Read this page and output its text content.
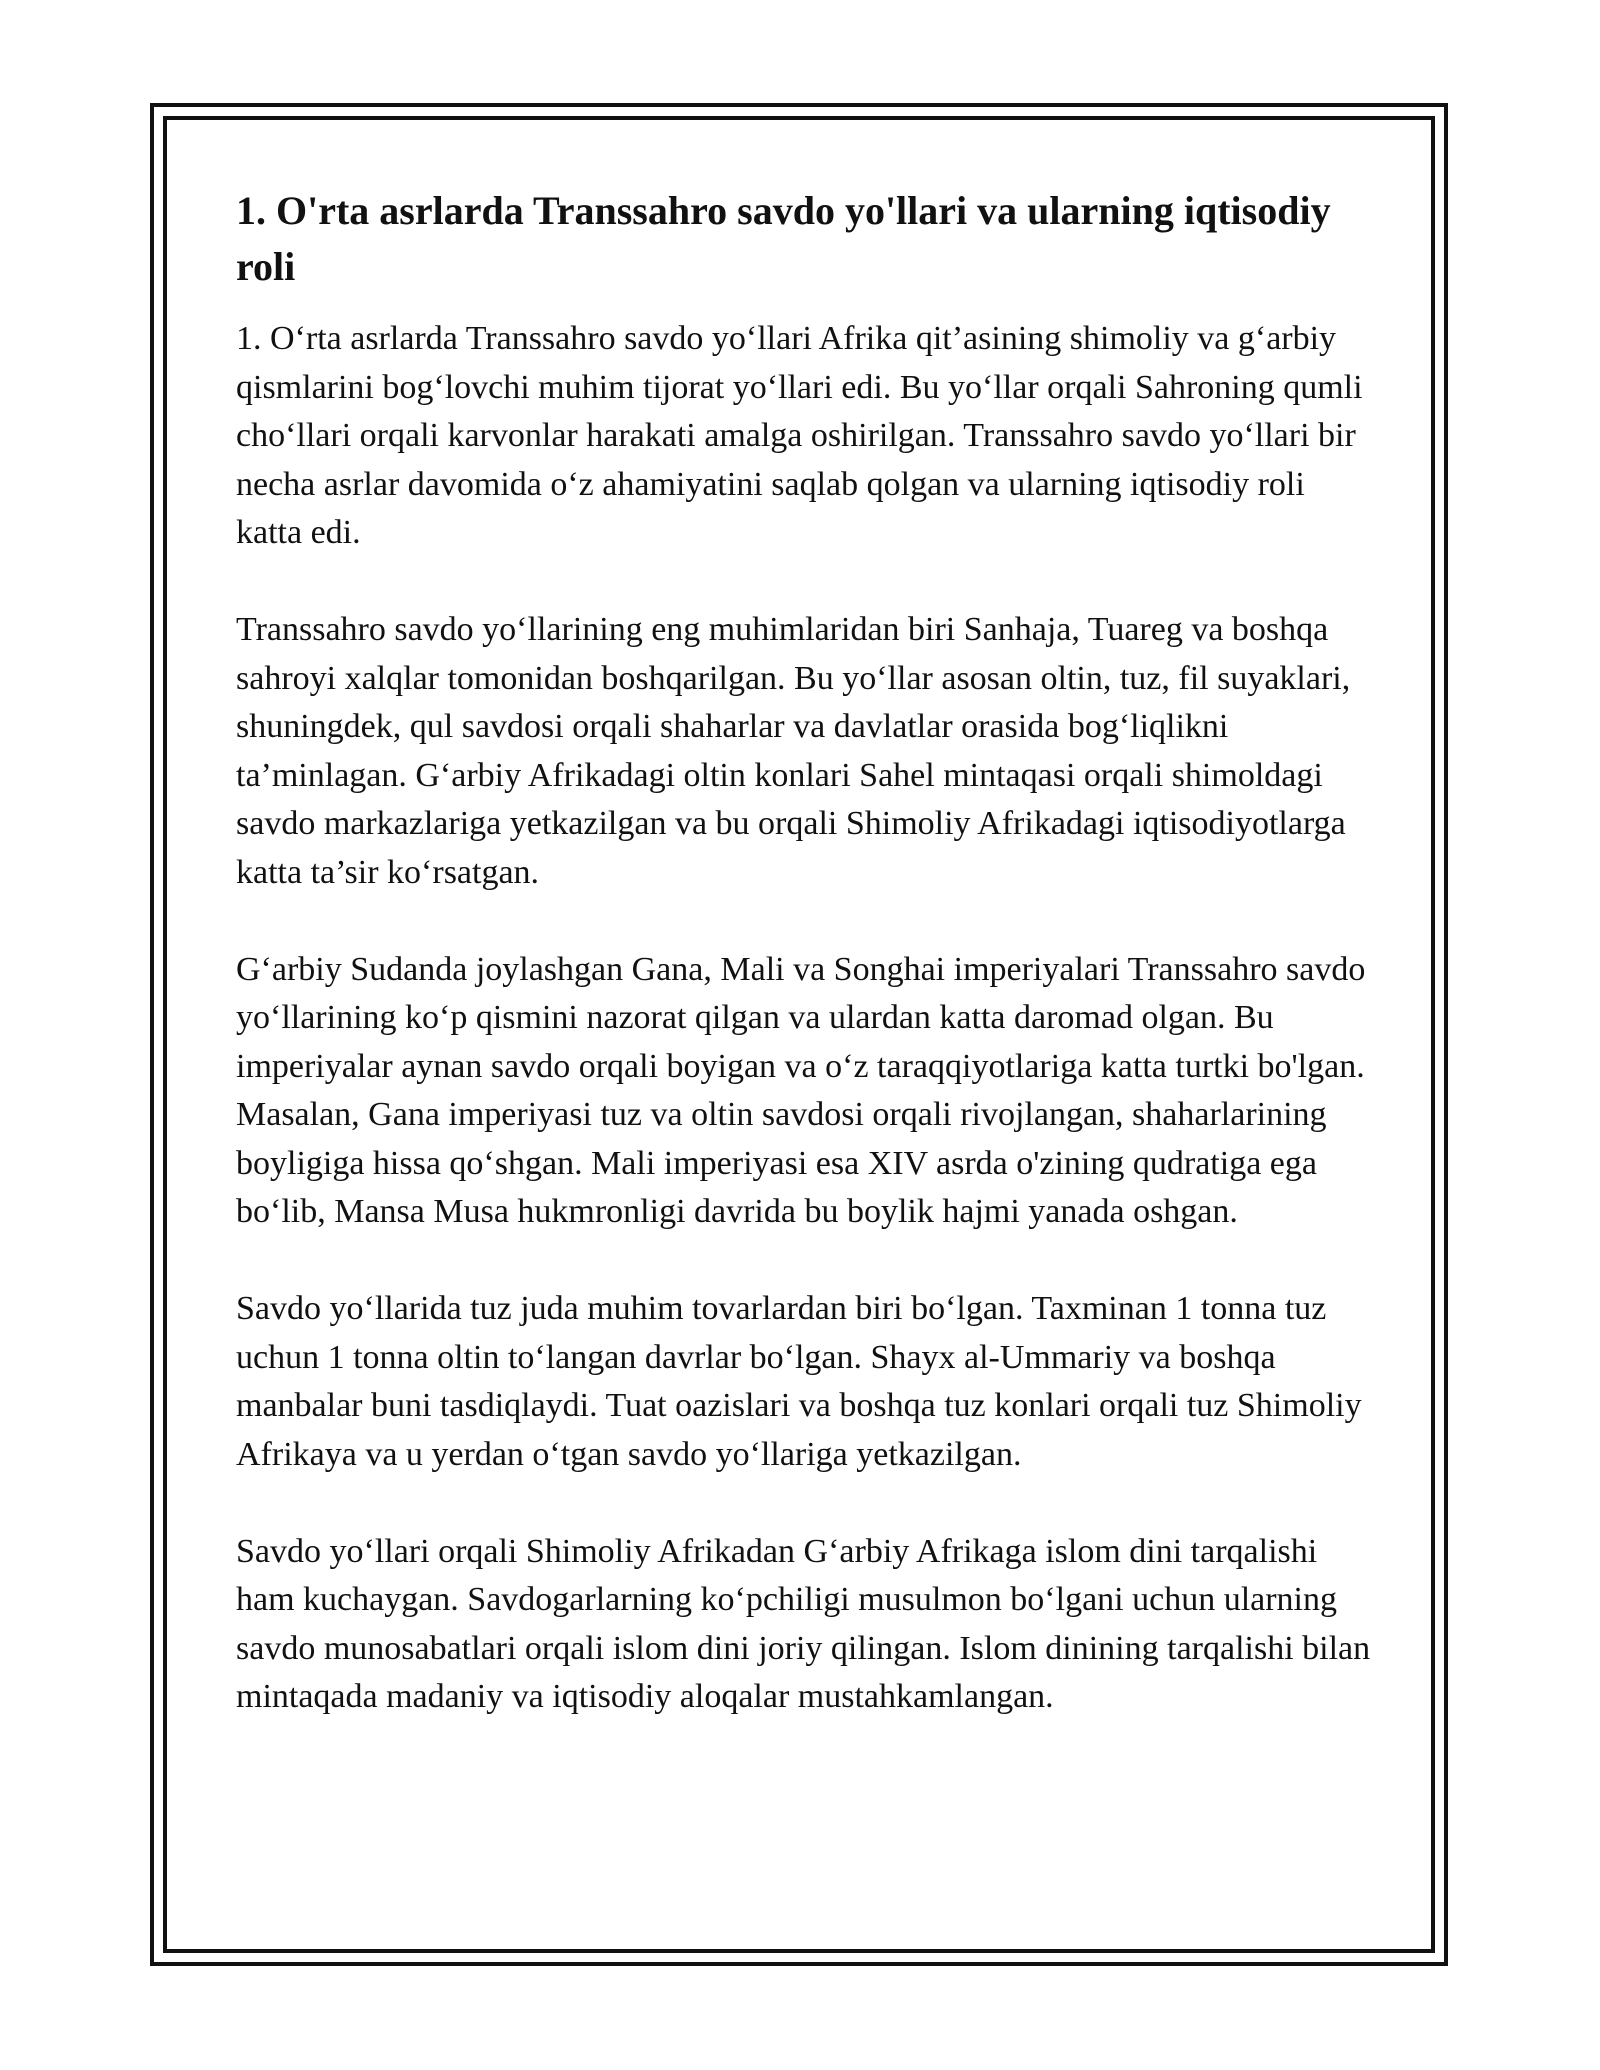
1. O'rta asrlarda Transsahro savdo yo'llari va ularning iqtisodiy roli

1. O‘rta asrlarda Transsahro savdo yo‘llari Afrika qit’asining shimoliy va g‘arbiy qismlarini bog‘lovchi muhim tijorat yo‘llari edi. Bu yo‘llar orqali Sahroning qumli cho‘llari orqali karvonlar harakati amalga oshirilgan. Transsahro savdo yo‘llari bir necha asrlar davomida o‘z ahamiyatini saqlab qolgan va ularning iqtisodiy roli katta edi.

Transsahro savdo yo‘llarining eng muhimlaridan biri Sanhaja, Tuareg va boshqa sahroyi xalqlar tomonidan boshqarilgan. Bu yo‘llar asosan oltin, tuz, fil suyaklari, shuningdek, qul savdosi orqali shaharlar va davlatlar orasida bog‘liqlikni ta’minlagan. G‘arbiy Afrikadagi oltin konlari Sahel mintaqasi orqali shimoldagi savdo markazlariga yetkazilgan va bu orqali Shimoliy Afrikadagi iqtisodiyotlarga katta ta’sir ko‘rsatgan.

G‘arbiy Sudanda joylashgan Gana, Mali va Songhai imperiyalari Transsahro savdo yo‘llarining ko‘p qismini nazorat qilgan va ulardan katta daromad olgan. Bu imperiyalar aynan savdo orqali boyigan va o‘z taraqqiyotlariga katta turtki bo'lgan. Masalan, Gana imperiyasi tuz va oltin savdosi orqali rivojlangan, shaharlarining boyligiga hissa qo‘shgan. Mali imperiyasi esa XIV asrda o'zining qudratiga ega bo‘lib, Mansa Musa hukmronligi davrida bu boylik hajmi yanada oshgan.

Savdo yo‘llarida tuz juda muhim tovarlardan biri bo‘lgan. Taxminan 1 tonna tuz uchun 1 tonna oltin to‘langan davrlar bo‘lgan. Shayx al-Ummariy va boshqa manbalar buni tasdiqlaydi. Tuat oazislari va boshqa tuz konlari orqali tuz Shimoliy Afrikaya va u yerdan o‘tgan savdo yo‘llariga yetkazilgan.

Savdo yo‘llari orqali Shimoliy Afrikadan G‘arbiy Afrikaga islom dini tarqalishi ham kuchaygan. Savdogarlarning ko‘pchiligi musulmon bo‘lgani uchun ularning savdo munosabatlari orqali islom dini joriy qilingan. Islom dinining tarqalishi bilan mintaqada madaniy va iqtisodiy aloqalar mustahkamlangan.
